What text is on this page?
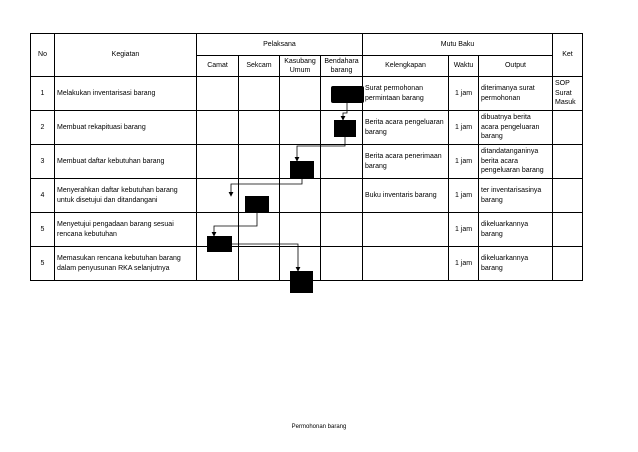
No	Kegiatan	Pelaksana				Mutu Baku			Ket
		Camat	Sekcam	Kasubang Umum	Bendahara barang	Kelengkapan	Waktu	Output	
1	Melakukan inventarisasi barang					Surat permohonan permintaan barang	1 jam	diterimanya surat permohonan	SOP Surat Masuk
2	Membuat rekapituasi barang					Berita acara pengeluaran barang	1 jam	dibuatnya berita acara pengeluaran barang	
3	Membuat daftar kebutuhan barang					Berita acara penerimaan barang	1 jam	ditandatanganinya berita acara pengeluaran barang	
4	Menyerahkan daftar kebutuhan barang untuk disetujui dan ditandangani					Buku inventaris barang	1 jam	ter inventarisasinya barang	
5	Menyetujui pengadaan barang sesuai rencana kebutuhan						1 jam	dikeluarkannya barang	
5	Memasukan rencana kebutuhan barang dalam penyusunan RKA selanjutnya						1 jam	dikeluarkannya barang	
Permohonan barang
